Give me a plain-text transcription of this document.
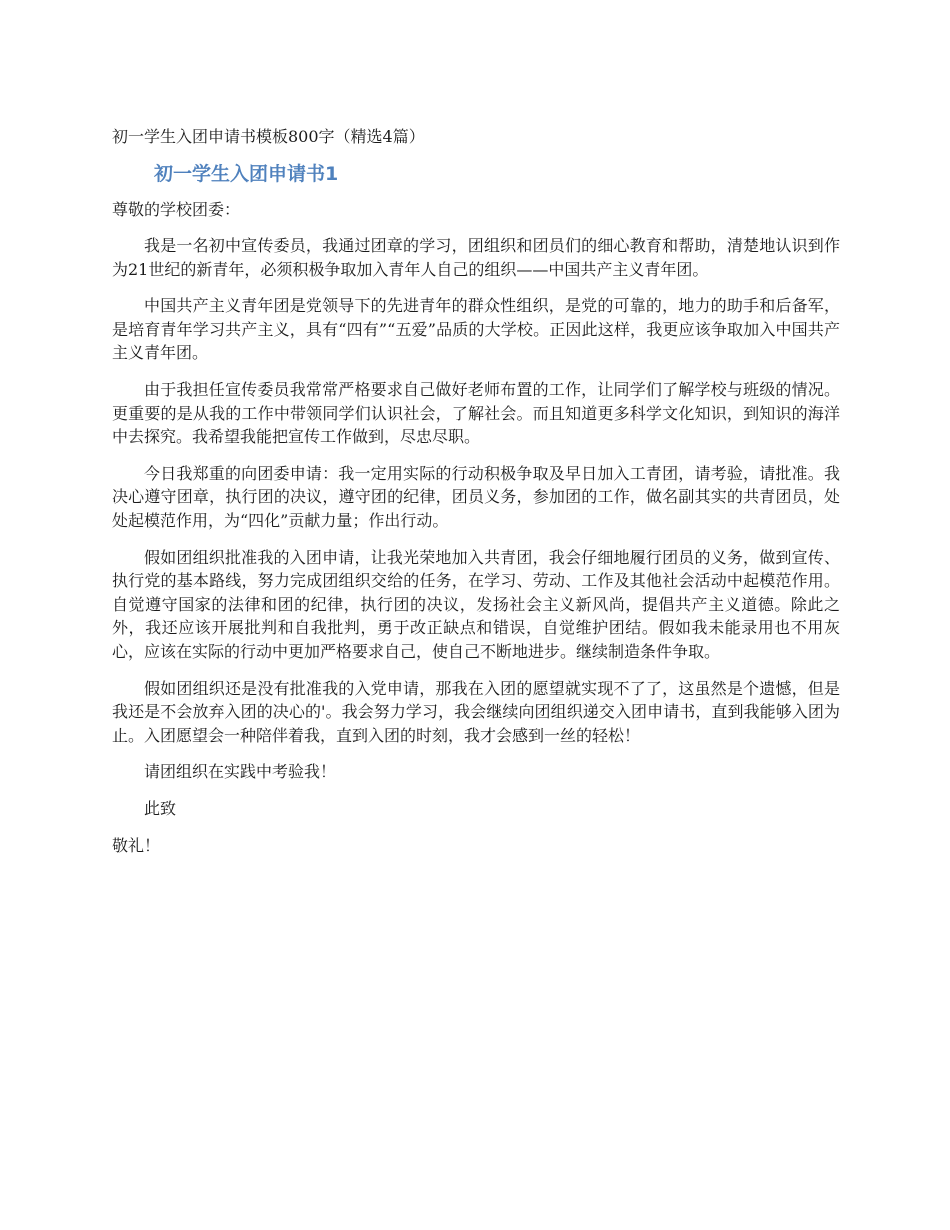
初一学生入团申请书模板800字（精选4篇）
初一学生入团申请书1
尊敬的学校团委：

我是一名初中宣传委员，我通过团章的学习，团组织和团员们的细心教育和帮助，清楚地认识到作为21世纪的新青年，必须积极争取加入青年人自己的组织——中国共产主义青年团。

中国共产主义青年团是党领导下的先进青年的群众性组织，是党的可靠的，地力的助手和后备军，是培育青年学习共产主义，具有“四有”“五爱”品质的大学校。正因此这样，我更应该争取加入中国共产主义青年团。

由于我担任宣传委员我常常严格要求自己做好老师布置的工作，让同学们了解学校与班级的情况。更重要的是从我的工作中带领同学们认识社会，了解社会。而且知道更多科学文化知识，到知识的海洋中去探究。我希望我能把宣传工作做到，尽忠尽职。

今日我郑重的向团委申请：我一定用实际的行动积极争取及早日加入工青团，请考验，请批准。我决心遵守团章，执行团的决议，遵守团的纪律，团员义务，参加团的工作，做名副其实的共青团员，处处起模范作用，为“四化”贡献力量；作出行动。

假如团组织批准我的入团申请，让我光荣地加入共青团，我会仔细地履行团员的义务，做到宣传、执行党的基本路线，努力完成团组织交给的任务，在学习、劳动、工作及其他社会活动中起模范作用。自觉遵守国家的法律和团的纪律，执行团的决议，发扬社会主义新风尚，提倡共产主义道德。除此之外，我还应该开展批判和自我批判，勇于改正缺点和错误，自觉维护团结。假如我未能录用也不用灰心，应该在实际的行动中更加严格要求自己，使自己不断地进步。继续制造条件争取。

假如团组织还是没有批准我的入党申请，那我在入团的愿望就实现不了了，这虽然是个遗憾，但是我还是不会放弃入团的决心的'。我会努力学习，我会继续向团组织递交入团申请书，直到我能够入团为止。入团愿望会一种陪伴着我，直到入团的时刻，我才会感到一丝的轻松！

请团组织在实践中考验我！
此致
敬礼！
